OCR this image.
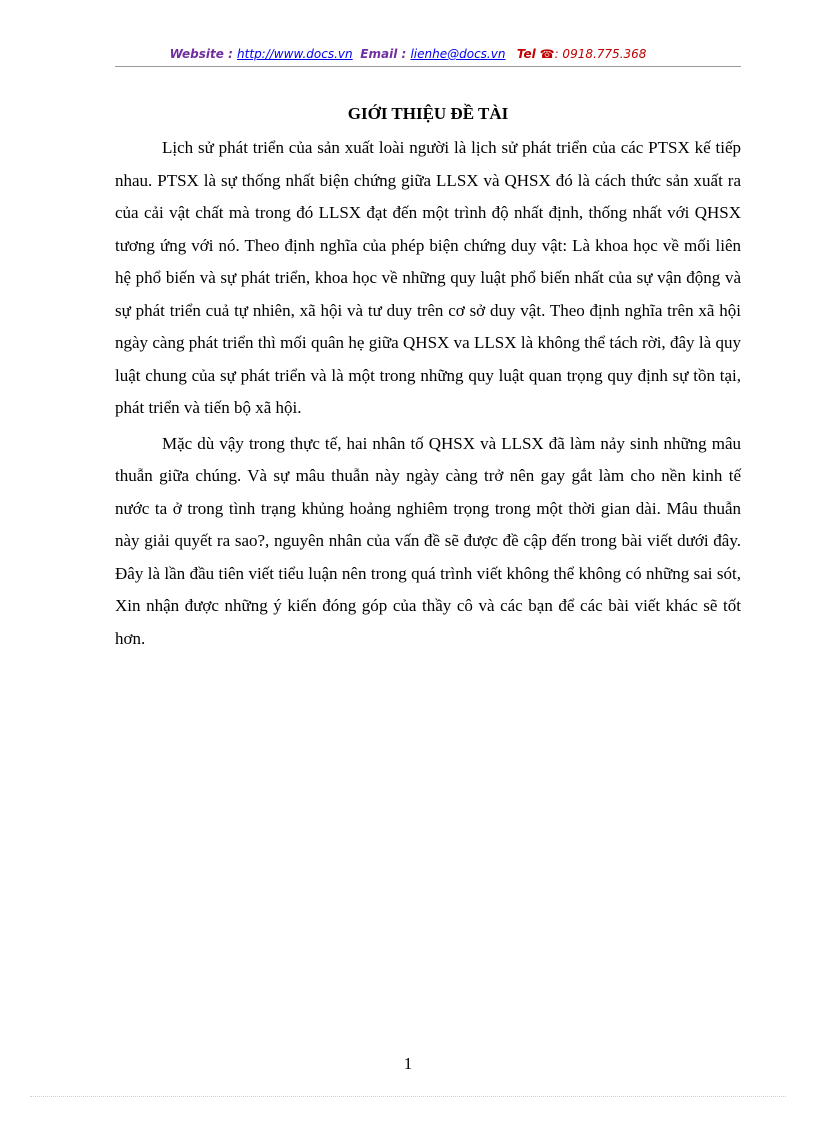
Website : http://www.docs.vn Email : lienhe@docs.vn Tel ☎: 0918.775.368
GIỚI THIỆU ĐỀ TÀI

Lịch sử phát triển của sản xuất loài người là lịch sử phát triển của các PTSX kế tiếp nhau. PTSX là sự thống nhất biện chứng giữa LLSX và QHSX đó là cách thức sản xuất ra của cải vật chất mà trong đó LLSX đạt đến một trình độ nhất định, thống nhất với QHSX tương ứng với nó. Theo định nghĩa của phép biện chứng duy vật: Là khoa học về mối liên hệ phổ biến và sự phát triển, khoa học về những quy luật phổ biến nhất của sự vận động và sự phát triển cuả tự nhiên, xã hội và tư duy trên cơ sở duy vật. Theo định nghĩa trên xã hội ngày càng phát triển thì mối quân hẹ giữa QHSX va LLSX là không thể tách rời, đây là quy luật chung của sự phát triển và là một trong những quy luật quan trọng quy định sự tồn tại, phát triển và tiến bộ xã hội.

Mặc dù vậy trong thực tế, hai nhân tố QHSX và LLSX đã làm nảy sinh những mâu thuẫn giữa chúng. Và sự mâu thuẫn này ngày càng trở nên gay gắt làm cho nền kinh tế nước ta ở trong tình trạng khủng hoảng nghiêm trọng trong một thời gian dài. Mâu thuẫn này giải quyết ra sao?, nguyên nhân của vấn đề sẽ được đề cập đến trong bài viết dưới đây. Đây là lần đầu tiên viết tiểu luận nên trong quá trình viết không thể không có những sai sót, Xin nhận được những ý kiến đóng góp của thầy cô và các bạn để các bài viết khác sẽ tốt hơn.

1
